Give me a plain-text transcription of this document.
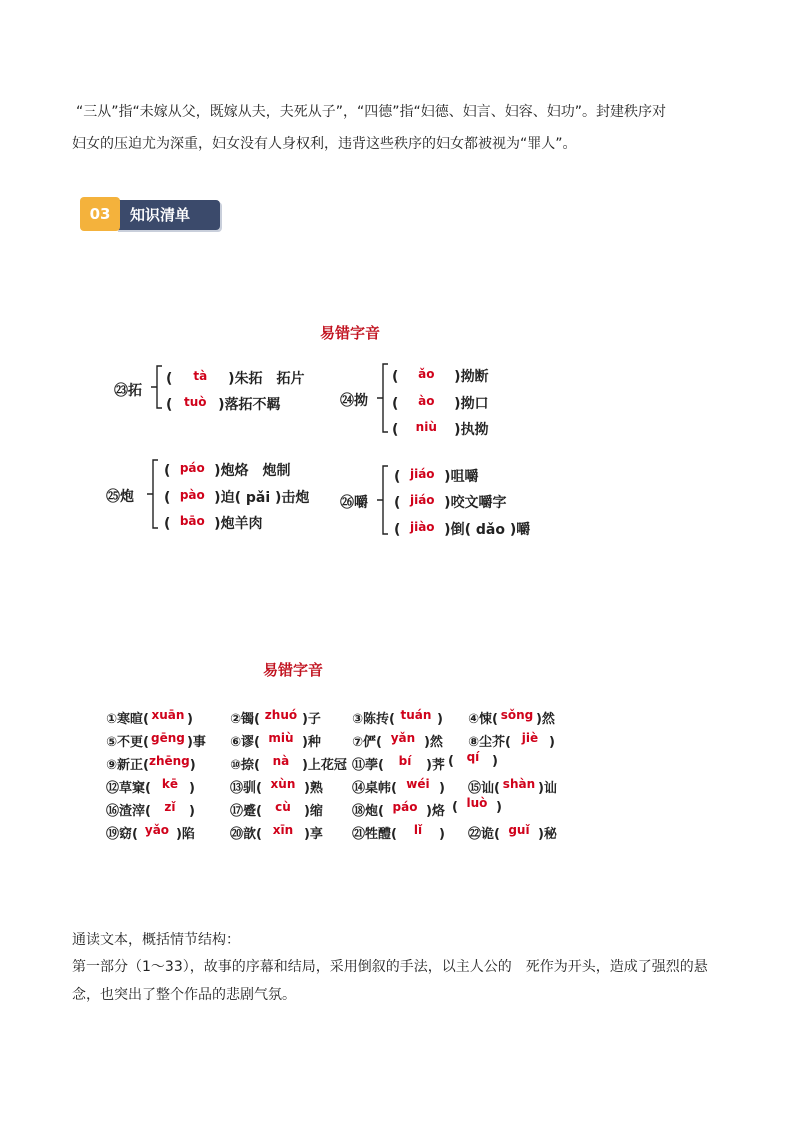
“三从”指“未嫁从父，既嫁从夫，夫死从子”，“四德”指“妇德、妇言、妇容、妇功”。封建秩序对
妇女的压迫尤为深重，妇女没有人身权利，违背这些秩序的妇女都被视为“罪人”。
知识清单
03
易错字音
㉓拓
( tà )朱拓　拓片
( tuò )落拓不羁	㉔拗
( ǎo )拗断
( ào )拗口
( niù )执拗
㉕炮
( páo )炮烙　炮制
( pào )迫( pǎi )击炮
( bāo )炮羊肉
㉖嚼
( jiáo )咀嚼
( jiáo )咬文嚼字
( jiào )倒( dǎo )嚼
易错字音
①寒暄( xuān )	②镯( zhuó )子 ③陈抟( tuán ) ④悚( sǒng )然
⑤不更( gēng )事 ⑥谬( miù )种 ⑦俨( yǎn )然 ⑧尘芥( jiè )
⑨新正(zhēng)	⑩捺( nà )上花冠 ⑪荸( bí )荠 ( qí )
⑫草窠( kē )	⑬驯( xùn )熟 ⑭桌帏( wéi ) ⑮讪( shàn )讪
⑯渣滓( zǐ )	⑰蹙( cù )缩 ⑱炮( páo )烙 ( luò )
⑲窈( yǎo )陷	⑳歆( xīn )享 ㉑牲醴( lǐ ) ㉒诡( guǐ )秘
通读文本，概括情节结构：
第一部分（1～33），故事的序幕和结局，采用倒叙的手法，以主人公的　死作为开头，造成了强烈的悬
念，也突出了整个作品的悲剧气氛。
